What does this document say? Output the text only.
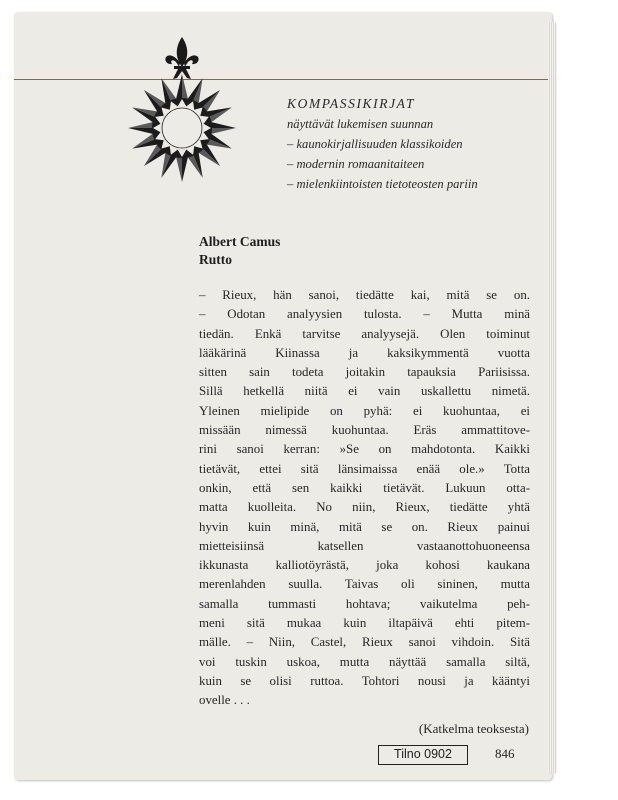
KOMPASSIKIRJAT
näyttävät lukemisen suunnan
– kaunokirjallisuuden klassikoiden
– modernin romaanitaiteen
– mielenkiintoisten tietoteosten pariin
Albert Camus
Rutto
– Rieux, hän sanoi, tiedätte kai, mitä se on.
– Odotan analyysien tulosta. – Mutta minä
tiedän. Enkä tarvitse analyysejä. Olen toiminut
lääkärinä Kiinassa ja kaksikymmentä vuotta
sitten sain todeta joitakin tapauksia Pariisissa.
Sillä hetkellä niitä ei vain uskallettu nimetä.
Yleinen mielipide on pyhä: ei kuohuntaa, ei
missään nimessä kuohuntaa. Eräs ammattitove-
rini sanoi kerran: »Se on mahdotonta. Kaikki
tietävät, ettei sitä länsimaissa enää ole.» Totta
onkin, että sen kaikki tietävät. Lukuun otta-
matta kuolleita. No niin, Rieux, tiedätte yhtä
hyvin kuin minä, mitä se on. Rieux painui
mietteisiinsä katsellen vastaanottohuoneensa
ikkunasta kalliotöyrästä, joka kohosi kaukana
merenlahden suulla. Taivas oli sininen, mutta
samalla tummasti hohtava; vaikutelma peh-
meni sitä mukaa kuin iltapäivä ehti pitem-
mälle. – Niin, Castel, Rieux sanoi vihdoin. Sitä
voi tuskin uskoa, mutta näyttää samalla siltä,
kuin se olisi ruttoa. Tohtori nousi ja kääntyi
ovelle . . .
(Katkelma teoksesta)
Tilno 0902	846
